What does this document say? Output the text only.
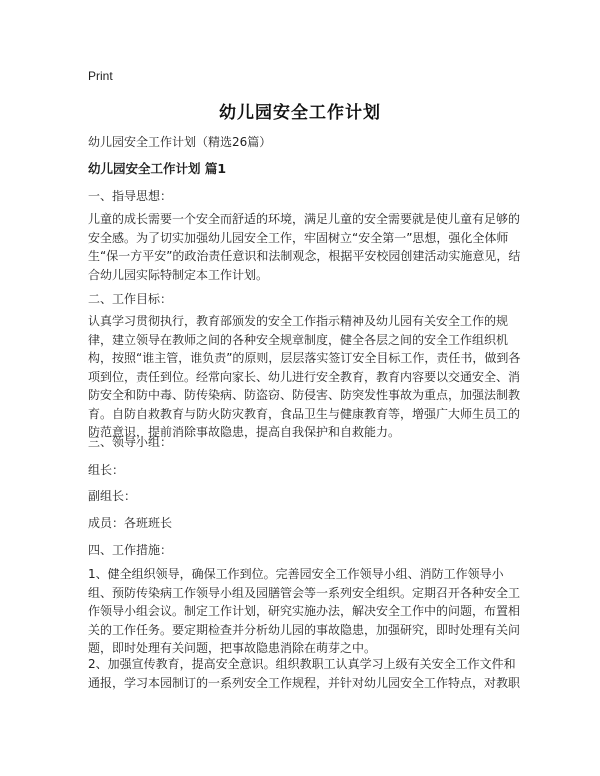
Print
幼儿园安全工作计划
幼儿园安全工作计划（精选26篇）
幼儿园安全工作计划 篇1
一、指导思想：
儿童的成长需要一个安全而舒适的环境，满足儿童的安全需要就是使儿童有足够的安全感。为了切实加强幼儿园安全工作，牢固树立“安全第一”思想，强化全体师生“保一方平安”的政治责任意识和法制观念，根据平安校园创建活动实施意见，结合幼儿园实际特制定本工作计划。
二、工作目标：
认真学习贯彻执行，教育部颁发的安全工作指示精神及幼儿园有关安全工作的规律，建立领导在教师之间的各种安全规章制度，健全各层之间的安全工作组织机构，按照“谁主管，谁负责”的原则，层层落实签订安全目标工作，责任书，做到各项到位，责任到位。经常向家长、幼儿进行安全教育，教育内容要以交通安全、消防安全和防中毒、防传染病、防盗窃、防侵害、防突发性事故为重点，加强法制教育。自防自救教育与防火防灾教育，食品卫生与健康教育等，增强广大师生员工的防范意识，提前消除事故隐患，提高自我保护和自救能力。
三、领导小组：
组长：
副组长：
成员：各班班长
四、工作措施：
1、健全组织领导，确保工作到位。完善园安全工作领导小组、消防工作领导小组、预防传染病工作领导小组及园膳管会等一系列安全组织。定期召开各种安全工作领导小组会议。制定工作计划，研究实施办法，解决安全工作中的问题，布置相关的工作任务。要定期检查并分析幼儿园的事故隐患，加强研究，即时处理有关问题，即时处理有关问题，把事故隐患消除在萌芽之中。
2、加强宣传教育，提高安全意识。组织教职工认真学习上级有关安全工作文件和通报，学习本园制订的一系列安全工作规程，并针对幼儿园安全工作特点，对教职
